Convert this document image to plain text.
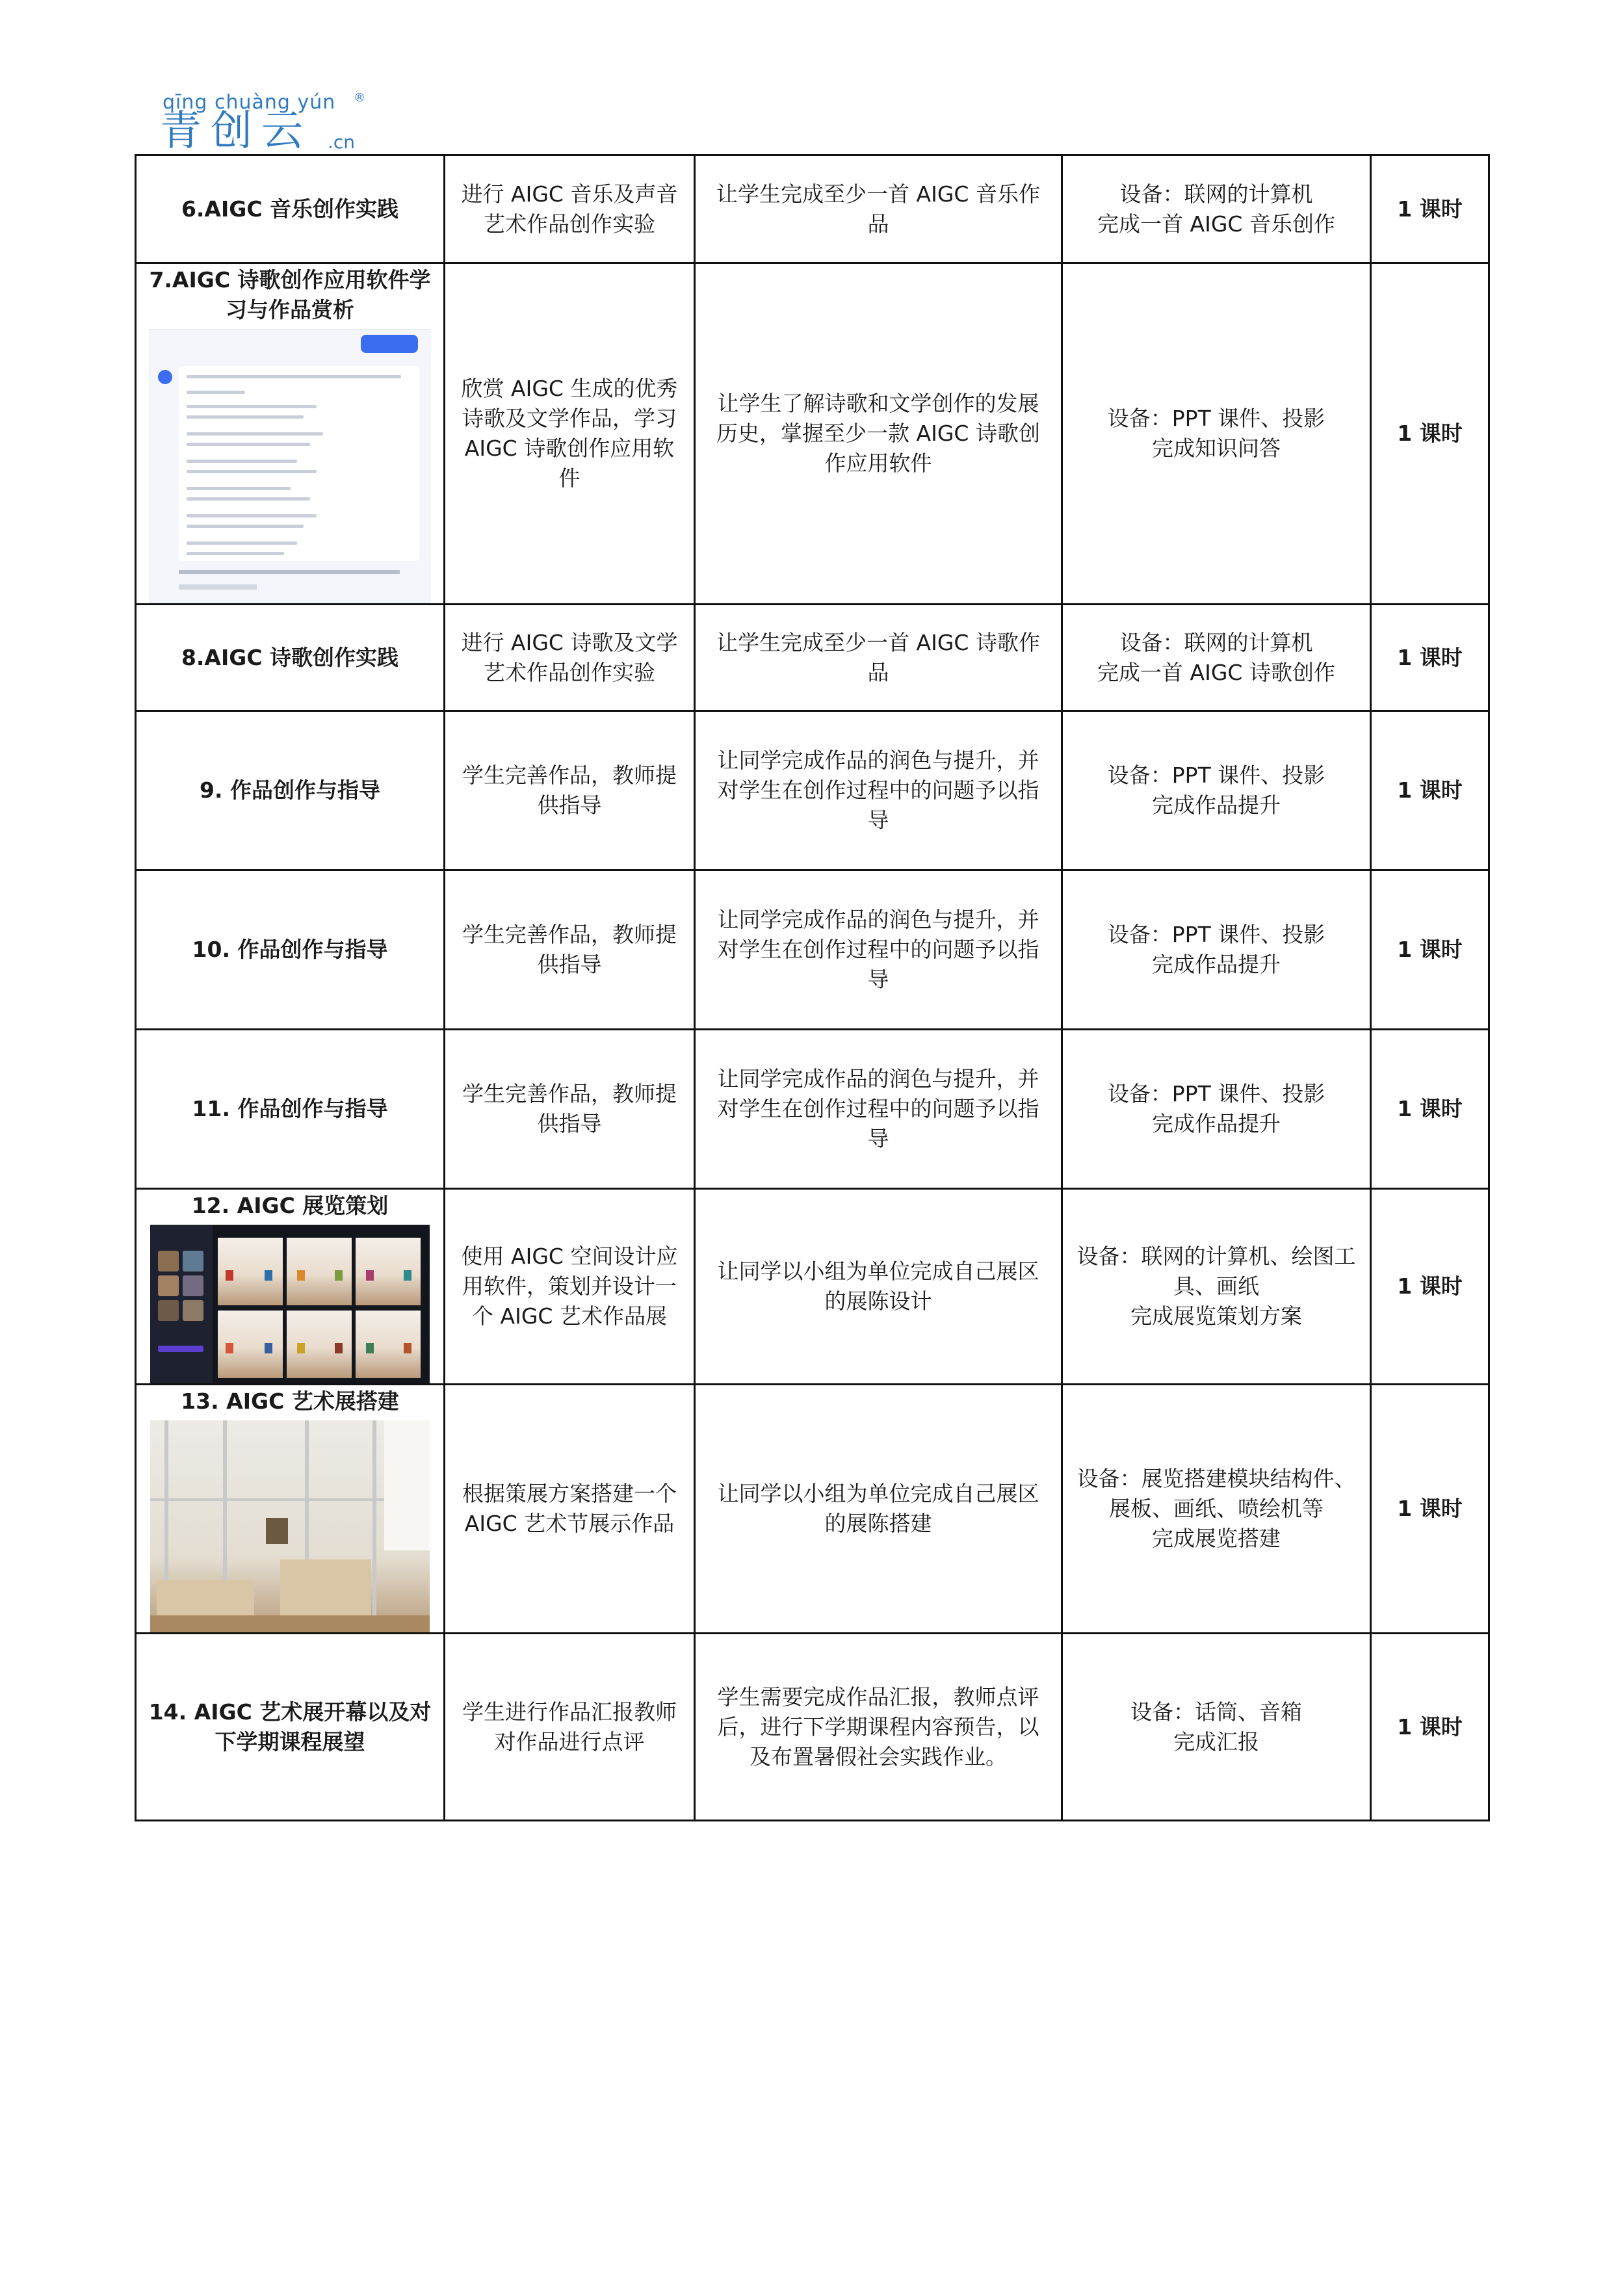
qīng chuàng yún ®
青创云 .cn
6.AIGC 音乐创作实践	进行 AIGC 音乐及声音艺术作品创作实验	让学生完成至少一首 AIGC 音乐作品	设备：联网的计算机
完成一首 AIGC 音乐创作	1 课时

7.AIGC 诗歌创作应用软件学习与作品赏析	欣赏 AIGC 生成的优秀诗歌及文学作品，学习 AIGC 诗歌创作应用软件	让学生了解诗歌和文学创作的发展历史，掌握至少一款 AIGC 诗歌创作应用软件	设备：PPT 课件、投影
完成知识问答	1 课时
8.AIGC 诗歌创作实践	进行 AIGC 诗歌及文学艺术作品创作实验	让学生完成至少一首 AIGC 诗歌作品	设备：联网的计算机
完成一首 AIGC 诗歌创作	1 课时
9. 作品创作与指导	学生完善作品，教师提供指导	让同学完成作品的润色与提升，并对学生在创作过程中的问题予以指导	设备：PPT 课件、投影
完成作品提升	1 课时
10. 作品创作与指导	学生完善作品，教师提供指导	让同学完成作品的润色与提升，并对学生在创作过程中的问题予以指导	设备：PPT 课件、投影
完成作品提升	1 课时
11. 作品创作与指导	学生完善作品，教师提供指导	让同学完成作品的润色与提升，并对学生在创作过程中的问题予以指导	设备：PPT 课件、投影
完成作品提升	1 课时

12. AIGC 展览策划	使用 AIGC 空间设计应用软件，策划并设计一个 AIGC 艺术作品展	让同学以小组为单位完成自己展区的展陈设计	设备：联网的计算机、绘图工具、画纸
完成展览策划方案	1 课时

13. AIGC 艺术展搭建	根据策展方案搭建一个 AIGC 艺术节展示作品	让同学以小组为单位完成自己展区的展陈搭建	设备：展览搭建模块结构件、展板、画纸、喷绘机等
完成展览搭建	1 课时
14. AIGC 艺术展开幕以及对下学期课程展望	学生进行作品汇报教师对作品进行点评	学生需要完成作品汇报，教师点评后，进行下学期课程内容预告，以及布置暑假社会实践作业。	设备：话筒、音箱
完成汇报	1 课时
